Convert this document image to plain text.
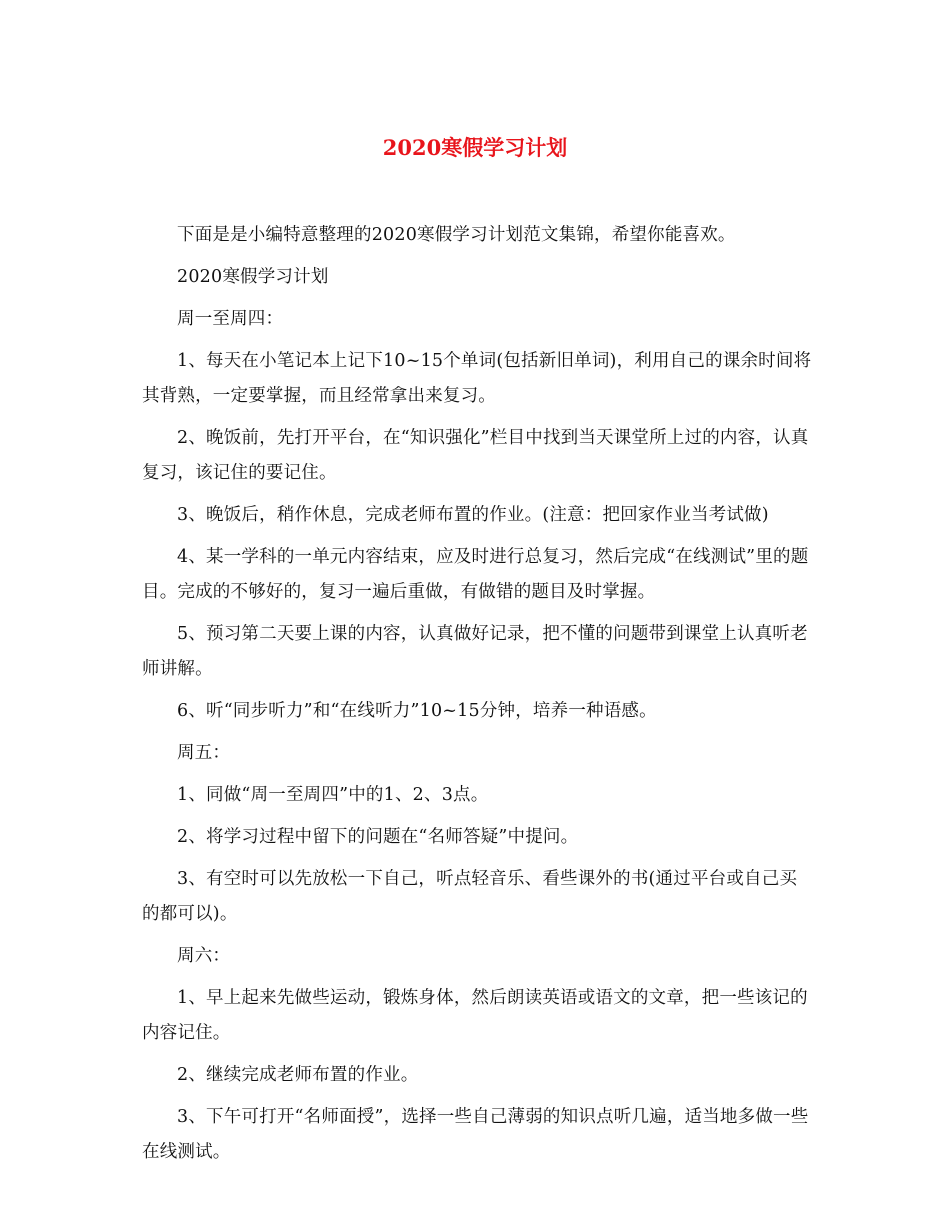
2020寒假学习计划

下面是是小编特意整理的2020寒假学习计划范文集锦，希望你能喜欢。

2020寒假学习计划

周一至周四：

1、每天在小笔记本上记下10~15个单词(包括新旧单词)，利用自己的课余时间将其背熟，一定要掌握，而且经常拿出来复习。

2、晚饭前，先打开平台，在“知识强化”栏目中找到当天课堂所上过的内容，认真复习，该记住的要记住。

3、晚饭后，稍作休息，完成老师布置的作业。(注意：把回家作业当考试做)

4、某一学科的一单元内容结束，应及时进行总复习，然后完成“在线测试”里的题目。完成的不够好的，复习一遍后重做，有做错的题目及时掌握。

5、预习第二天要上课的内容，认真做好记录，把不懂的问题带到课堂上认真听老师讲解。

6、听“同步听力”和“在线听力”10~15分钟，培养一种语感。

周五：

1、同做“周一至周四”中的1、2、3点。

2、将学习过程中留下的问题在“名师答疑”中提问。

3、有空时可以先放松一下自己，听点轻音乐、看些课外的书(通过平台或自己买的都可以)。

周六：

1、早上起来先做些运动，锻炼身体，然后朗读英语或语文的文章，把一些该记的内容记住。

2、继续完成老师布置的作业。

3、下午可打开“名师面授”，选择一些自己薄弱的知识点听几遍，适当地多做一些在线测试。
